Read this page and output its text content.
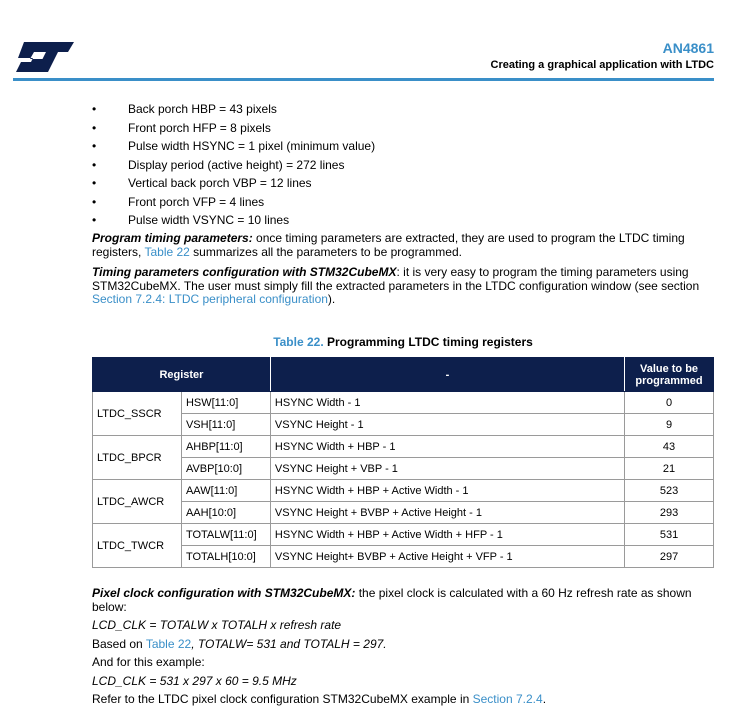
AN4861
Creating a graphical application with LTDC
•	Back porch HBP = 43 pixels
•	Front porch HFP = 8 pixels
•	Pulse width HSYNC = 1 pixel (minimum value)
•	Display period (active height) = 272 lines
•	Vertical back porch VBP = 12 lines
•	Front porch VFP = 4 lines
•	Pulse width VSYNC = 10 lines
Program timing parameters: once timing parameters are extracted, they are used to program the LTDC timing registers, Table 22 summarizes all the parameters to be programmed.
Timing parameters configuration with STM32CubeMX: it is very easy to program the timing parameters using STM32CubeMX. The user must simply fill the extracted parameters in the LTDC configuration window (see section Section 7.2.4: LTDC peripheral configuration).
Table 22. Programming LTDC timing registers
Register		-	Value to be programmed
LTDC_SSCR	HSW[11:0]	HSYNC Width - 1	0
	VSH[11:0]	VSYNC Height - 1	9
LTDC_BPCR	AHBP[11:0]	HSYNC Width + HBP - 1	43
	AVBP[10:0]	VSYNC Height + VBP - 1	21
LTDC_AWCR	AAW[11:0]	HSYNC Width + HBP + Active Width - 1	523
	AAH[10:0]	VSYNC Height + BVBP + Active Height - 1	293
LTDC_TWCR	TOTALW[11:0]	HSYNC Width + HBP + Active Width + HFP - 1	531
	TOTALH[10:0]	VSYNC Height+ BVBP + Active Height + VFP - 1	297
Pixel clock configuration with STM32CubeMX: the pixel clock is calculated with a 60 Hz refresh rate as shown below:
LCD_CLK = TOTALW x TOTALH x refresh rate
Based on Table 22, TOTALW= 531 and TOTALH = 297.
And for this example:
LCD_CLK = 531 x 297 x 60 = 9.5 MHz
Refer to the LTDC pixel clock configuration STM32CubeMX example in Section 7.2.4.
